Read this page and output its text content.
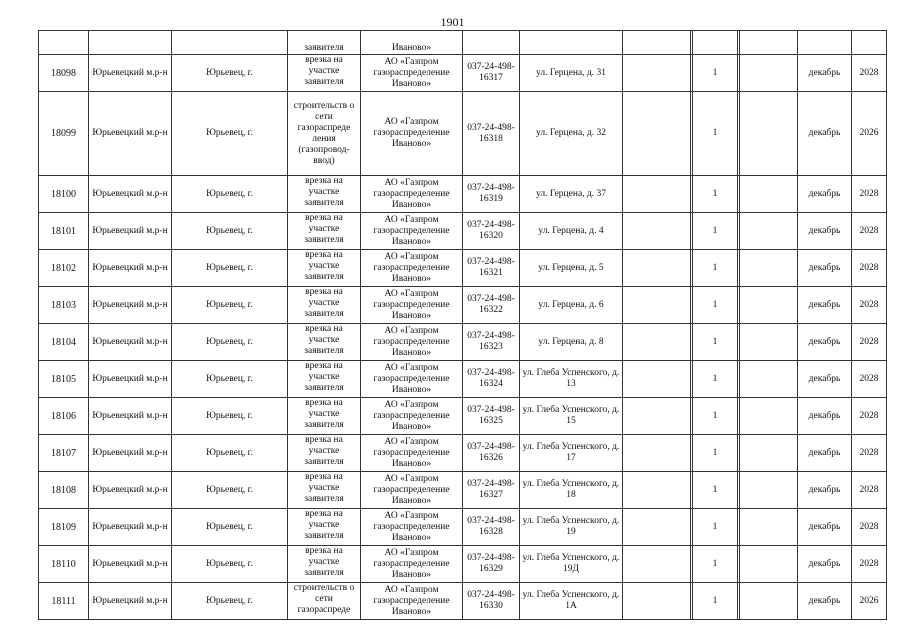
1901
			заявителя	Иваново»				

18098	Юрьевецкий м.р-н	Юрьевец, г.	врезка на участке заявителя	АО «Газпром газораспределение Иваново»	037-24-498-16317	ул. Герцена, д. 31		1		декабрь	2028
18099	Юрьевецкий м.р-н	Юрьевец, г.	строительств о сети газораспреде ления (газопровод-ввод)	АО «Газпром газораспределение Иваново»	037-24-498-16318	ул. Герцена, д. 32		1		декабрь	2026
18100	Юрьевецкий м.р-н	Юрьевец, г.	врезка на участке заявителя	АО «Газпром газораспределение Иваново»	037-24-498-16319	ул. Герцена, д. 37		1		декабрь	2028
18101	Юрьевецкий м.р-н	Юрьевец, г.	врезка на участке заявителя	АО «Газпром газораспределение Иваново»	037-24-498-16320	ул. Герцена, д. 4		1		декабрь	2028
18102	Юрьевецкий м.р-н	Юрьевец, г.	врезка на участке заявителя	АО «Газпром газораспределение Иваново»	037-24-498-16321	ул. Герцена, д. 5		1		декабрь	2028
18103	Юрьевецкий м.р-н	Юрьевец, г.	врезка на участке заявителя	АО «Газпром газораспределение Иваново»	037-24-498-16322	ул. Герцена, д. 6		1		декабрь	2028
18104	Юрьевецкий м.р-н	Юрьевец, г.	врезка на участке заявителя	АО «Газпром газораспределение Иваново»	037-24-498-16323	ул. Герцена, д. 8		1		декабрь	2028
18105	Юрьевецкий м.р-н	Юрьевец, г.	врезка на участке заявителя	АО «Газпром газораспределение Иваново»	037-24-498-16324	ул. Глеба Успенского, д. 13		1		декабрь	2028
18106	Юрьевецкий м.р-н	Юрьевец, г.	врезка на участке заявителя	АО «Газпром газораспределение Иваново»	037-24-498-16325	ул. Глеба Успенского, д. 15		1		декабрь	2028
18107	Юрьевецкий м.р-н	Юрьевец, г.	врезка на участке заявителя	АО «Газпром газораспределение Иваново»	037-24-498-16326	ул. Глеба Успенского, д. 17		1		декабрь	2028
18108	Юрьевецкий м.р-н	Юрьевец, г.	врезка на участке заявителя	АО «Газпром газораспределение Иваново»	037-24-498-16327	ул. Глеба Успенского, д. 18		1		декабрь	2028
18109	Юрьевецкий м.р-н	Юрьевец, г.	врезка на участке заявителя	АО «Газпром газораспределение Иваново»	037-24-498-16328	ул. Глеба Успенского, д. 19		1		декабрь	2028
18110	Юрьевецкий м.р-н	Юрьевец, г.	врезка на участке заявителя	АО «Газпром газораспределение Иваново»	037-24-498-16329	ул. Глеба Успенского, д. 19Д		1		декабрь	2028
18111	Юрьевецкий м.р-н	Юрьевец, г.	строительств о сети газораспреде	АО «Газпром газораспределение Иваново»	037-24-498-16330	ул. Глеба Успенского, д. 1А		1		декабрь	2026
